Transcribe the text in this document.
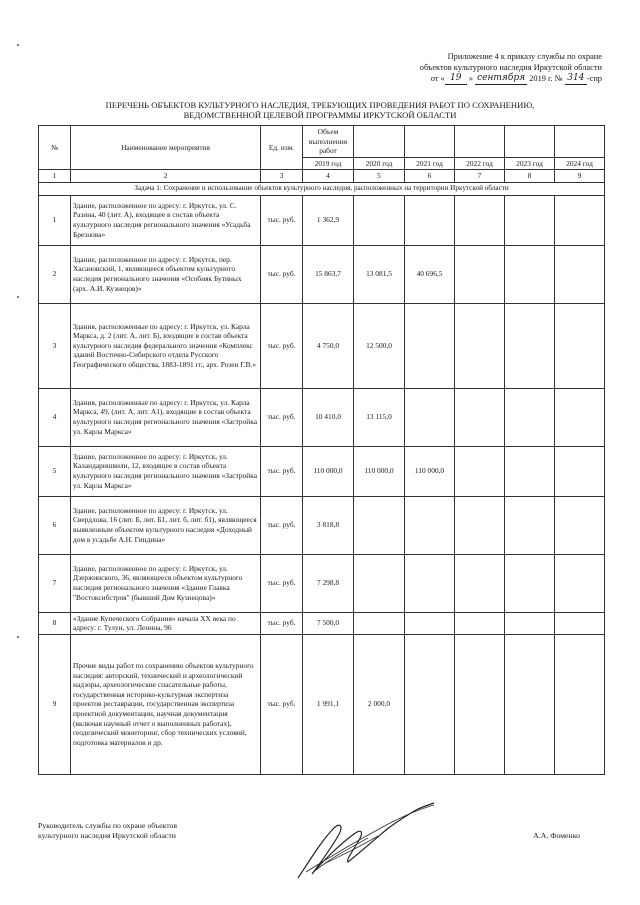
Приложение 4 к приказу службы по охране
объектов культурного наследия Иркутской области
от « 19 » сентября 2019 г. № 314 -спр
ПЕРЕЧЕНЬ ОБЪЕКТОВ КУЛЬТУРНОГО НАСЛЕДИЯ, ТРЕБУЮЩИХ ПРОВЕДЕНИЯ РАБОТ ПО СОХРАНЕНИЮ,
ВЕДОМСТВЕННОЙ ЦЕЛЕВОЙ ПРОГРАММЫ ИРКУТСКОЙ ОБЛАСТИ
№	Наименование мероприятия	Ед. изм.	Объем выполнения работ					
			2019 год	2020 год	2021 год	2022 год	2023 год	2024 год
1	2	3	4	5	6	7	8	9
Задача 1: Сохранение и использование объектов культурного наследия, расположенных на территории Иркутской области								
1	Здание, расположенное по адресу: г. Иркутск, ул. С. Разина, 40 (лит. А), входящее в состав объекта культурного наследия регионального значения «Усадьба Брезнова»	тыс. руб.	1 362,9					
2	Здание, расположенное по адресу: г. Иркутск, пер. Хасановский, 1, являющееся объектом культурного наследия регионального значения «Особняк Бутиных (арх. А.И. Кузнецов)»	тыс. руб.	15 863,7	13 081,5	40 696,5			
3	Здания, расположенные по адресу: г. Иркутск, ул. Карла Маркса, д. 2 (лит. А, лит. Б), входящие в состав объекта культурного наследия федерального значения «Комплекс зданий Восточно-Сибирского отдела Русского Географического общества, 1883-1891 гг., арх. Розен Г.В.»	тыс. руб.	4 750,0	12 500,0				
4	Здания, расположенные по адресу: г. Иркутск, ул. Карла Маркса, 49, (лит. А, лит. А1), входящие в состав объекта культурного наследия регионального значения «Застройка ул. Карла Маркса»	тыс. руб.	10 410,0	13 115,0				
5	Здание, расположенное по адресу: г. Иркутск, ул. Каландаришвили, 12, входящее в состав объекта культурного наследия регионального значения «Застройка ул. Карла Маркса»	тыс. руб.	110 000,0	110 000,0	110 000,0			
6	Здание, расположенное по адресу: г. Иркутск, ул. Свердлова, 16 (лит. Б, лит. Б1, лит. б, лит. б1), являющееся выявленным объектом культурного наследия «Доходный дом в усадьбе А.Н. Гиндина»	тыс. руб.	3 818,8					
7	Здание, расположенное по адресу: г. Иркутск, ул. Дзержинского, 36, являющееся объектом культурного наследия регионального значения «Здание Главка "Востоксибстроя" (бывший Дом Кузнецова)»	тыс. руб.	7 298,8					
8	«Здание Купеческого Собрания» начала XX века по адресу: г. Тулун, ул. Ленина, 96	тыс. руб.	7 500,0					
9	Прочие виды работ по сохранению объектов культурного наследия: авторский, технический и археологический надзоры, археологические спасательные работы, государственная историко-культурная экспертиза проектов реставрации, государственная экспертиза проектной документации, научная документация (включая научный отчет о выполненных работах), геодезический мониторинг, сбор технических условий, подготовка материалов и др.	тыс. руб.	1 991,1	2 000,0				
Руководитель службы по охране объектов
культурного наследия Иркутской области	А.А. Фоменко
